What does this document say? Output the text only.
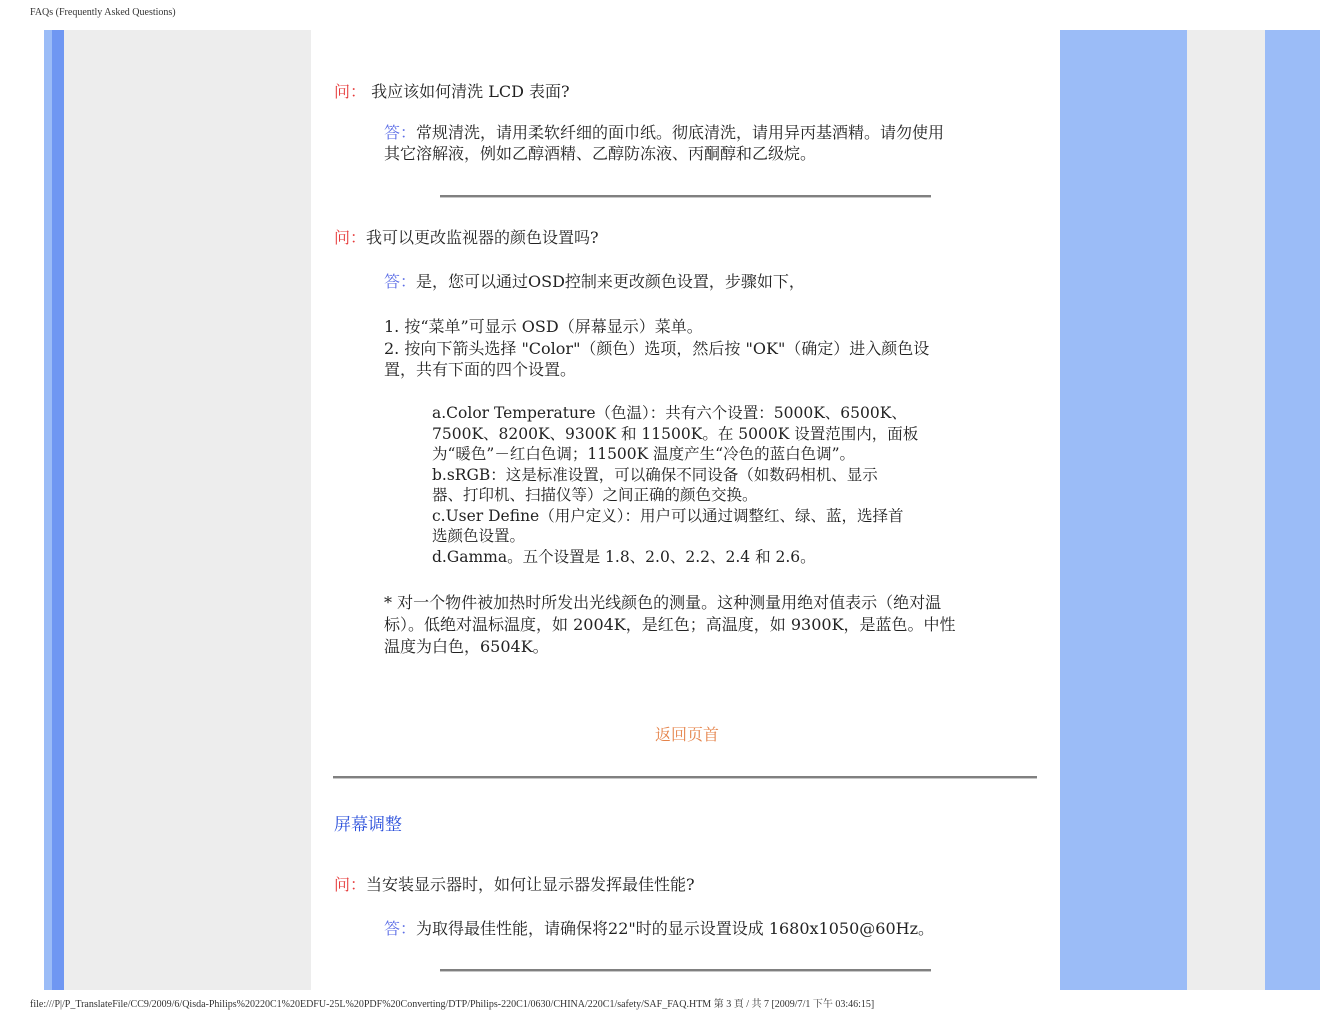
FAQs (Frequently Asked Questions)
问： 我应该如何清洗 LCD 表面?
答：常规清洗，请用柔软纤细的面巾纸。彻底清洗，请用异丙基酒精。请勿使用
其它溶解液，例如乙醇酒精、乙醇防冻液、丙酮醇和乙级烷。
问：我可以更改监视器的颜色设置吗?
答：是，您可以通过OSD控制来更改颜色设置，步骤如下，
1. 按“菜单”可显示 OSD（屏幕显示）菜单。
2. 按向下箭头选择 "Color"（颜色）选项，然后按 "OK"（确定）进入颜色设
置，共有下面的四个设置。
a.Color Temperature（色温）：共有六个设置：5000K、6500K、
7500K、8200K、9300K 和 11500K。在 5000K 设置范围内，面板
为“暖色”－红白色调；11500K 温度产生“冷色的蓝白色调”。
b.sRGB：这是标准设置，可以确保不同设备（如数码相机、显示
器、打印机、扫描仪等）之间正确的颜色交换。
c.User Define（用户定义）：用户可以通过调整红、绿、蓝，选择首
选颜色设置。
d.Gamma。五个设置是 1.8、2.0、2.2、2.4 和 2.6。
* 对一个物件被加热时所发出光线颜色的测量。这种测量用绝对值表示（绝对温
标）。低绝对温标温度，如 2004K，是红色；高温度，如 9300K，是蓝色。中性
温度为白色，6504K。
返回页首
屏幕调整
问：当安装显示器时，如何让显示器发挥最佳性能?
答：为取得最佳性能，请确保将22"时的显示设置设成 1680x1050@60Hz。
file:///P|/P_TranslateFile/CC9/2009/6/Qisda-Philips%20220C1%20EDFU-25L%20PDF%20Converting/DTP/Philips-220C1/0630/CHINA/220C1/safety/SAF_FAQ.HTM 第 3 頁 / 共 7 [2009/7/1 下午 03:46:15]
